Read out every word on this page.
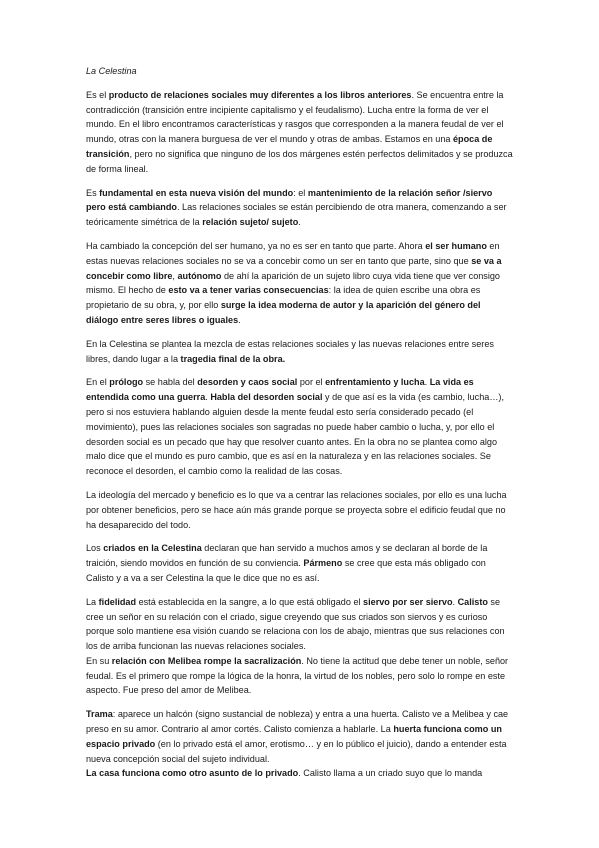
La Celestina

Es el producto de relaciones sociales muy diferentes a los libros anteriores. Se encuentra entre la contradicción (transición entre incipiente capitalismo y el feudalismo). Lucha entre la forma de ver el mundo. En el libro encontramos características y rasgos que corresponden a la manera feudal de ver el mundo, otras con la manera burguesa de ver el mundo y otras de ambas. Estamos en una época de transición, pero no significa que ninguno de los dos márgenes estén perfectos delimitados y se produzca de forma lineal.

Es fundamental en esta nueva visión del mundo: el mantenimiento de la relación señor /siervo pero está cambiando. Las relaciones sociales se están percibiendo de otra manera, comenzando a ser teóricamente simétrica de la relación sujeto/ sujeto.

Ha cambiado la concepción del ser humano, ya no es ser en tanto que parte. Ahora el ser humano en estas nuevas relaciones sociales no se va a concebir como un ser en tanto que parte, sino que se va a concebir como libre, autónomo de ahí la aparición de un sujeto libro cuya vida tiene que ver consigo mismo. El hecho de esto va a tener varias consecuencias: la idea de quien escribe una obra es propietario de su obra, y, por ello surge la idea moderna de autor y la aparición del género del diálogo entre seres libres o iguales.

En la Celestina se plantea la mezcla de estas relaciones sociales y las nuevas relaciones entre seres libres, dando lugar a la tragedia final de la obra.

En el prólogo se habla del desorden y caos social por el enfrentamiento y lucha. La vida es entendida como una guerra. Habla del desorden social y de que así es la vida (es cambio, lucha…), pero si nos estuviera hablando alguien desde la mente feudal esto sería considerado pecado (el movimiento), pues las relaciones sociales son sagradas no puede haber cambio o lucha, y, por ello el desorden social es un pecado que hay que resolver cuanto antes. En la obra no se plantea como algo malo dice que el mundo es puro cambio, que es así en la naturaleza y en las relaciones sociales. Se reconoce el desorden, el cambio como la realidad de las cosas.

La ideología del mercado y beneficio es lo que va a centrar las relaciones sociales, por ello es una lucha por obtener beneficios, pero se hace aún más grande porque se proyecta sobre el edificio feudal que no ha desaparecido del todo.

Los criados en la Celestina declaran que han servido a muchos amos y se declaran al borde de la traición, siendo movidos en función de su conviencia. Pármeno se cree que esta más obligado con Calisto y a va a ser Celestina la que le dice que no es así.

La fidelidad está establecida en la sangre, a lo que está obligado el siervo por ser siervo. Calisto se cree un señor en su relación con el criado, sigue creyendo que sus criados son siervos y es curioso porque solo mantiene esa visión cuando se relaciona con los de abajo, mientras que sus relaciones con los de arriba funcionan las nuevas relaciones sociales.
En su relación con Melibea rompe la sacralización. No tiene la actitud que debe tener un noble, señor feudal. Es el primero que rompe la lógica de la honra, la virtud de los nobles, pero solo lo rompe en este aspecto. Fue preso del amor de Melibea.

Trama: aparece un halcón (signo sustancial de nobleza) y entra a una huerta. Calisto ve a Melibea y cae preso en su amor. Contrario al amor cortés. Calisto comienza a hablarle. La huerta funciona como un espacio privado (en lo privado está el amor, erotismo… y en lo público el juicio), dando a entender esta nueva concepción social del sujeto individual.
La casa funciona como otro asunto de lo privado. Calisto llama a un criado suyo que lo manda
